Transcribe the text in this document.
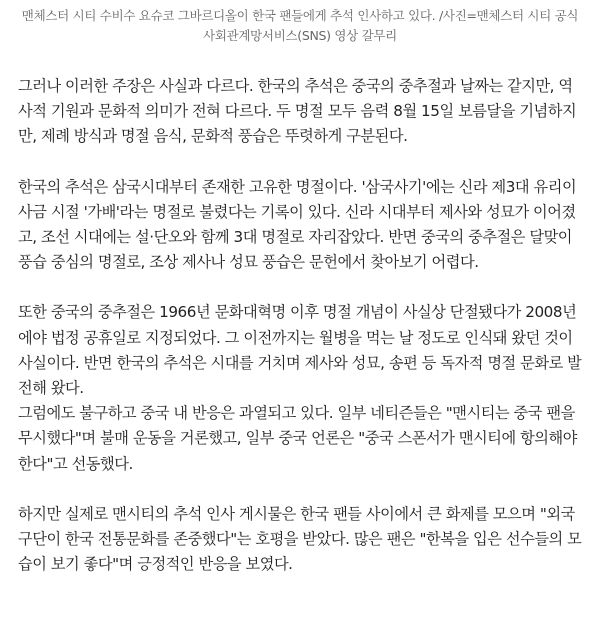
맨체스터 시티 수비수 요슈코 그바르디올이 한국 팬들에게 추석 인사하고 있다. /사진=맨체스터 시티 공식
사회관계망서비스(SNS) 영상 갈무리

그러나 이러한 주장은 사실과 다르다. 한국의 추석은 중국의 중추절과 날짜는 같지만, 역
사적 기원과 문화적 의미가 전혀 다르다. 두 명절 모두 음력 8월 15일 보름달을 기념하지
만, 제례 방식과 명절 음식, 문화적 풍습은 뚜렷하게 구분된다.

한국의 추석은 삼국시대부터 존재한 고유한 명절이다. '삼국사기'에는 신라 제3대 유리이
사금 시절 '가배'라는 명절로 불렸다는 기록이 있다. 신라 시대부터 제사와 성묘가 이어졌
고, 조선 시대에는 설·단오와 함께 3대 명절로 자리잡았다. 반면 중국의 중추절은 달맞이
풍습 중심의 명절로, 조상 제사나 성묘 풍습은 문헌에서 찾아보기 어렵다.

또한 중국의 중추절은 1966년 문화대혁명 이후 명절 개념이 사실상 단절됐다가 2008년
에야 법정 공휴일로 지정되었다. 그 이전까지는 월병을 먹는 날 정도로 인식돼 왔던 것이
사실이다. 반면 한국의 추석은 시대를 거치며 제사와 성묘, 송편 등 독자적 명절 문화로 발
전해 왔다.

그럼에도 불구하고 중국 내 반응은 과열되고 있다. 일부 네티즌들은 "맨시티는 중국 팬을
무시했다"며 불매 운동을 거론했고, 일부 중국 언론은 "중국 스폰서가 맨시티에 항의해야
한다"고 선동했다.

하지만 실제로 맨시티의 추석 인사 게시물은 한국 팬들 사이에서 큰 화제를 모으며 "외국
구단이 한국 전통문화를 존중했다"는 호평을 받았다. 많은 팬은 "한복을 입은 선수들의 모
습이 보기 좋다"며 긍정적인 반응을 보였다.
